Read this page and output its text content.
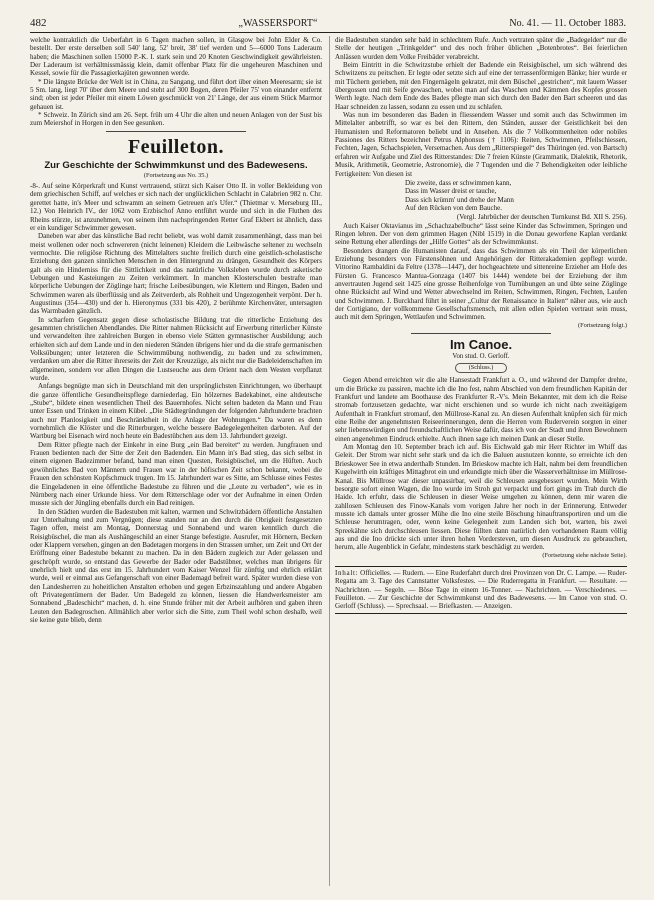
482	„WASSERSPORT“	No. 41. — 11. October 1883.

welche kontraktlich die Ueberfahrt in 6 Tagen machen sollen, in Glasgow bei John Elder & Co. bestellt. Der erste derselben soll 540' lang, 52' breit, 38' tief werden und 5—6000 Tons Laderaum haben; die Maschinen sollen 15000 P.-K. I. stark sein und 20 Knoten Geschwindigkeit gewährleisten. Der Laderaum ist verhältnissmässig klein, damit offenbar Platz für die ungeheuren Maschinen und Kessel, sowie für die Passagierkajüten gewonnen werde.

* Die längste Brücke der Welt ist in China, zu Sangang, und führt dort über einen Meeresarm; sie ist 5 Sm. lang, liegt 70' über dem Meere und steht auf 300 Bogen, deren Pfeiler 75' von einander entfernt sind; oben ist jeder Pfeiler mit einem Löwen geschmückt von 21' Länge, der aus einem Stück Marmor gehauen ist.

* Schweiz. In Zürich sind am 26. Sept. früh um 4 Uhr die alten und neuen Anlagen von der Sust bis zum Meiershof in Horgen in den See gesunken.

Feuilleton.
Zur Geschichte der Schwimmkunst und des Badewesens.
(Fortsetzung aus No. 35.)

-8-. Auf seine Körperkraft und Kunst vertrauend, stürzt sich Kaiser Otto II. in voller Bekleidung von dem griechischen Schiff, auf welches er sich nach der unglücklichen Schlacht in Calabrien 982 n. Chr. gerettet hatte, in's Meer und schwamm an seinem Getreuen an's Ufer.“ (Thietmar v. Merseburg III., 12.) Von Heinrich IV., der 1062 vom Erzbischof Anno entführt wurde und sich in die Fluthen des Rheins stürzte, ist anzunehmen, von seinem ihm nachspringenden Retter Graf Ekbert ist ähnlich, dass er ein kundiger Schwimmer gewesen.

Daneben war aber das künstliche Bad recht beliebt, was wohl damit zusammenhängt, dass man bei meist wollenen oder noch schwereren (nicht leinenen) Kleidern die Leibwäsche seltener zu wechseln vermochte. Die religiöse Richtung des Mittelalters suchte freilich durch eine geistlich-scholastische Erziehung den ganzen sinnlichen Menschen in den Hintergrund zu drängen, Gesundheit des Körpers galt als ein Hinderniss für die Sittlichkeit und das natürliche Volksleben wurde durch asketische Uebungen und Kasteiungen zu Zeiten verkümmert. In manchen Klosterschulen bestrafte man körperliche Uebungen der Zöglinge hart; frische Leibesübungen, wie Klettern und Ringen, Baden und Schwimmen waren als überflüssig und als Zeitverderb, als Rohheit und Ungezogenheit verpönt. Der h. Augustinus (354—430) und der h. Hieronymus (331 bis 420), 2 berühmte Kirchenväter, untersagten das Warmbaden gänzlich.

In scharfem Gegensatz gegen diese scholastische Bildung trat die ritterliche Erziehung des gesammten christlichen Abendlandes. Die Ritter nahmen Rücksicht auf Erwerbung ritterlicher Künste und verwandelten ihre zahlreichen Burgen in ebenso viele Stätten gymnastischer Ausbildung; auch erhielten sich auf dem Lande und in den niederen Ständen übrigens hier und da die strafe germanischen Volksübungen; unter letzteren die Schwimmübung nothwendig, zu baden und zu schwimmen, verdanken um aber die Ritter ihrerseits der Zeit der Kreuzzüge, als nicht nur die Badeleidenschaften im allgemeinen, sondern vor allen Dingen die Lustseuche aus dem Orient nach dem Westen verpflanzt wurde.

Anfangs begnügte man sich in Deutschland mit den ursprünglichsten Einrichtungen, wo überhaupt die ganze öffentliche Gesundheitspflege darniederlag. Ein hölzernes Badekabinet, eine altdeutsche „Stube“, bildete einen wesentlichen Theil des Bauernhofes. Nicht selten badeten da Mann und Frau unter Essen und Trinken in einem Kübel. „Die Städtegründungen der folgenden Jahrhunderte brachten auch nur Planlosigkeit und Beschränktheit in die Anlage der Wohnungen.“ Da waren es denn vornehmlich die Klöster und die Ritterburgen, welche bessere Badegelegenheiten darboten. Auf der Wartburg bei Eisenach wird noch heute ein Badestübchen aus dem 13. Jahrhundert gezeigt.

Dem Ritter pflegte nach der Einkehr in eine Burg „ein Bad bereitet“ zu werden. Jungfrauen und Frauen bedienten nach der Sitte der Zeit den Badenden. Ein Mann in's Bad stieg, das sich selbst in einem eigenen Badezimmer befand, band man einen Questen, Reisigbüschel, um die Hüften. Auch gewöhnliches Bad von Männern und Frauen war in der höfischen Zeit schon bekannt, wobei die Frauen den schönsten Kopfschmuck trugen. Im 15. Jahrhundert war es Sitte, am Schlusse eines Festes die Eingeladenen in eine öffentliche Badestube zu führen und die „Leute zu verbaden“, wie es in Nürnberg nach einer Urkunde hiess. Vor dem Ritterschlage oder vor der Aufnahme in einen Orden musste sich der Jüngling ebenfalls durch ein Bad reinigen.

In den Städten wurden die Badestuben mit kalten, warmen und Schwitzbädern öffentliche Anstalten zur Unterhaltung und zum Vergnügen; diese standen nur an den durch die Obrigkeit festgesetzten Tagen offen, meist am Montag, Donnerstag und Sonnabend und waren kenntlich durch die Reisigbüschel, die man als Aushängeschild an einer Stange befestigte. Ausrufer, mit Hörnern, Becken oder Klappern versehen, gingen an den Badetagen morgens in den Strassen umher, um Zeit und Ort der Eröffnung einer Badestube bekannt zu machen. Da in den Bädern zugleich zur Ader gelassen und geschröpft wurde, so entstand das Gewerbe der Bader oder Badstübner, welches man übrigens für unehrlich hielt und das erst im 15. Jahrhundert vom Kaiser Wenzel für zünftig und ehrlich erklärt wurde, weil er einmal aus Gefangenschaft von einer Bademagd befreit ward. Später wurden diese von den Landesherren zu hoheitlichen Anstalten erhoben und gegen Erbzinszahlung und andere Abgaben oft Privategentümern der Bader. Um Badegeld zu können, liessen die Handwerksmeister am Sonnabend „Badeschicht“ machen, d. h. eine Stunde früher mit der Arbeit aufhören und gaben ihren Leuten den Badegroschen. Allmählich aber verlor sich die Sitte, zum Theil wohl schon deshalb, weil sie keine gute blieb, denn

die Badestuben standen sehr bald in schlechtem Rufe. Auch vertraten später die „Badegelder“ nur die Stelle der heutigen „Trinkgelder“ und des noch früher üblichen „Botenbrotes“. Bei feierlichen Anlässen wurden dem Volke Freibäder verabreicht.

Beim Eintritt in die Schwitzstube erhielt der Badende ein Reisigbüschel, um sich während des Schwitzens zu peitschen. Er legte oder setzte sich auf eine der terrassenförmigen Bänke; hier wurde er mit Tüchern gerieben, mit den Fingernägeln gekratzt, mit dem Büschel „gestrichen“, mit lauem Wasser übergossen und mit Seife gewaschen, wobei man auf das Waschen und Kämmen des Kopfes grossen Werth legte. Nach dem Ende des Bades pflegte man sich durch den Bader den Bart scheeren und das Haar schneiden zu lassen, sodann zu essen und zu schlafen.

Was nun im besonderen das Baden in fliessendem Wasser und somit auch das Schwimmen im Mittelalter anbetrifft, so war es bei den Rittern, den Ständen, ausser der Geistlichkeit bei den Humanisten und Reformatoren beliebt und in Ansehen. Als die 7 Vollkommenheiten oder nobiles Passiones des Ritters bezeichnet Petrus Alphonsus († 1106): Reiten, Schwimmen, Pfeilschiessen, Fechten, Jagen, Schachspielen, Versemachen. Aus dem „Ritterspiegel“ des Thüringen (ed. von Bartsch) erfahren wir Aufgabe und Ziel des Ritterstandes: Die 7 freien Künste (Grammatik, Dialektik, Rhetorik, Musik, Arithmetik, Geometrie, Astronomie), die 7 Tugenden und die 7 Behendigkeiten oder leibliche Fertigkeiten: Von diesen ist

Die zweite, dass er schwimmen kann,
Dass im Wasser dreist er tauche,
Dass sich krümm' und drehe der Mann
Auf den Rücken von dem Bauche.
(Vergl. Jahrbücher der deutschen Turnkunst Bd. XII S. 256).

Auch Kaiser Oktavianus im „Schachzabelbuche“ lässt seine Kinder das Schwimmen, Springen und Ringen lehren. Der von dem grimmen Hagen (Nibl 1519) in die Donau geworfene Kaplan verdankt seine Rettung eher allerdings der „Hilfe Gottes“ als der Schwimmkunst.

Besonders drangen die Humanisten darauf, dass das Schwimmen als ein Theil der körperlichen Erziehung besonders von Fürstensöhnen und Angehörigen der Ritterakademien gepflegt wurde. Vittorino Rambaldini da Feltre (1378—1447), der hochgeachtete und sittenreine Erzieher am Hofe des Fürsten G. Francesco Mantua-Gonzaga (1407 bis 1444) wendete bei der Erziehung der ihm anvertrauten Jugend seit 1425 eine grosse Reihenfolge von Turnübungen an und übte seine Zöglinge ohne Rücksicht auf Wind und Wetter abwechselnd im Reiten, Schwimmen, Ringen, Fechten, Laufen und Schwimmen. J. Burckhard führt in seiner „Cultur der Renaissance in Italien“ näher aus, wie auch der Cortigiano, der vollkommene Gesellschaftsmensch, mit allen edlen Spielen vertraut sein muss, auch mit dem Springen, Wettlaufen und Schwimmen.

(Fortsetzung folgt.)
Im Canoe.
Von stud. O. Gerloff.
(Schluss.)

Gegen Abend erreichten wir die alte Hansestadt Frankfurt a. O., und während der Dampfer drehte, um die Brücke zu passiren, machte ich die Ino fest, nahm Abschied von dem freundlichen Kapitän der Frankfurt und landete am Boothause des Frankfurter R.-V's. Mein Bekannter, mit dem ich die Reise stromab fortzusetzen gedachte, war nicht erschienen und so wurde ich nicht nach zweitägigem Aufenthalt in Frankfurt stromauf, den Müllrose-Kanal zu. An diesen Aufenthalt knüpfen sich für mich eine Reihe der angenehmsten Reiseerinnerungen, denn die Herren vom Ruderverein sorgten in einer sehr liebenswürdigen und freundschaftlichen Weise dafür, dass ich von der Stadt und ihren Bewohnern einen angenehmen Eindruck erhielte. Auch ihnen sage ich meinen Dank an dieser Stelle.

Am Montag den 10. September brach ich auf. Bis Eichwald gab mir Herr Richter im Whiff das Geleit. Der Strom war nicht sehr stark und da ich die Baluen ausnutzen konnte, so erreichte ich den Brieskower See in etwa anderthalb Stunden. Im Brieskow machte ich Halt, nahm bei dem freundlichen Kugelwirth ein kräftiges Mittagbrot ein und erkundigte mich über die Wasserverhältnisse im Müllrose-Kanal. Bis Müllrose war dieser unpassirbar, weil die Schleusen ausgebessert wurden. Mein Wirth besorgte sofort einen Wagen, die Ino wurde im Stroh gut verpackt und fort gings im Trab durch die Haide. Ich erfuhr, dass die Schleusen in dieser Weise umgehen zu können, denn mir waren die zahllosen Schleusen des Finow-Kanals vom vorigen Jahre her noch in der Erinnerung. Entweder musste ich damals unter grosser Mühe die Ino eine steile Böschung hinauftransportiren und um die Schleuse herumtragen, oder, wenn keine Gelegenheit zum Landen sich bot, warten, bis zwei Spreekähne sich durchschleusen liessen. Diese füllten dann natürlich den vorhandenen Raum völlig aus und die Ino drückte sich unter ihren hohen Vordersteven, um diesen Ausdruck zu gebrauchen, herum, alle Augenblick in Gefahr, mindestens stark beschädigt zu werden.

(Fortsetzung siehe nächste Seite).
Inhalt: Officielles. — Rudern. — Eine Ruderfahrt durch drei Provinzen von Dr. C. Lampe. — Ruder-Regatta am 3. Tage des Cannstatter Volksfestes. — Die Ruderregatta in Frankfurt. — Resultate. — Nachrichten. — Segeln. — Böse Tage in einem 16-Tonner. — Nachrichten. — Verschiedenes. — Feuilleton. — Zur Geschichte der Schwimmkunst und des Badewesens. — Im Canoe von stud. O. Gerloff (Schluss). — Sprechsaal. — Briefkasten. — Anzeigen.
